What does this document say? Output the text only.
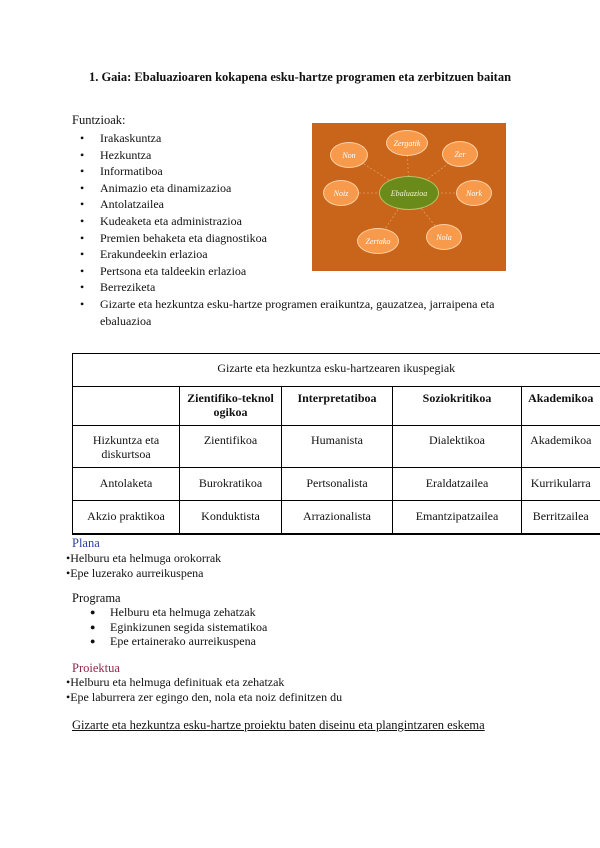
1. Gaia: Ebaluazioaren kokapena esku-hartze programen eta zerbitzuen baitan
Funtzioak:
• Irakaskuntza
• Hezkuntza
• Informatiboa
• Animazio eta dinamizazioa
• Antolatzailea
• Kudeaketa eta administrazioa
• Premien behaketa eta diagnostikoa
• Erakundeekin erlazioa
• Pertsona eta taldeekin erlazioa
• Berreziketa
• Gizarte eta hezkuntza esku-hartze programen eraikuntza, gauzatzea, jarraipena eta ebaluazioa
Zergatik
Zer
Nork
Nola
Zertako
Noiz
Non
Ebaluazioa
Gizarte eta hezkuntza esku-hartzearen ikuspegiak				
	Zientifiko-teknol ogikoa	Interpretatiboa	Soziokritikoa	Akademikoa
Hizkuntza eta diskurtsoa	Zientifikoa	Humanista	Dialektikoa	Akademikoa
Antolaketa	Burokratikoa	Pertsonalista	Eraldatzailea	Kurrikularra
Akzio praktikoa	Konduktista	Arrazionalista	Emantzipatzailea	Berritzailea
Plana
•Helburu eta helmuga orokorrak
•Epe luzerako aurreikuspena
Programa
● Helburu eta helmuga zehatzak
● Eginkizunen segida sistematikoa
● Epe ertainerako aurreikuspena
Proiektua
•Helburu eta helmuga definituak eta zehatzak
•Epe laburrera zer egingo den, nola eta noiz definitzen du
Gizarte eta hezkuntza esku-hartze proiektu baten diseinu eta plangintzaren eskema
